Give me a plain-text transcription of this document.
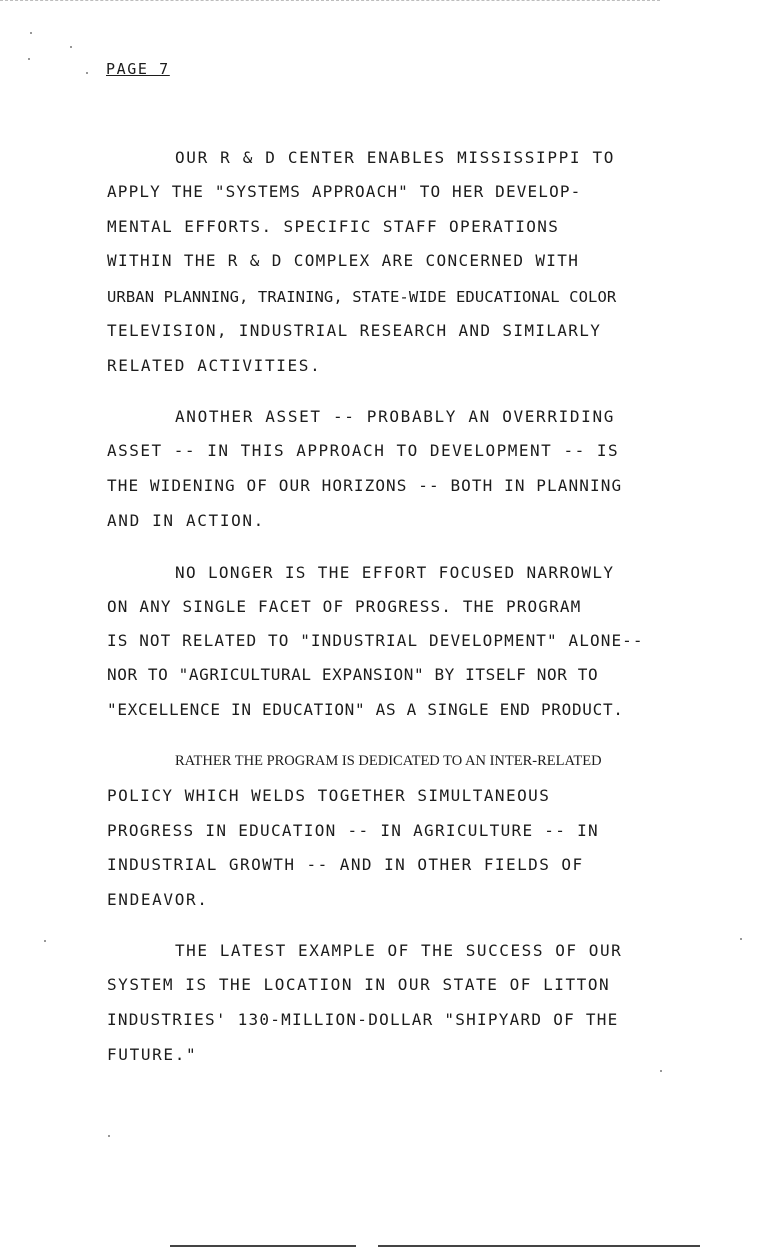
PAGE 7
OUR R & D CENTER ENABLES MISSISSIPPI TO
APPLY THE "SYSTEMS APPROACH" TO HER DEVELOP-
MENTAL EFFORTS. SPECIFIC STAFF OPERATIONS
WITHIN THE R & D COMPLEX ARE CONCERNED WITH
URBAN PLANNING, TRAINING, STATE-WIDE EDUCATIONAL COLOR
TELEVISION, INDUSTRIAL RESEARCH AND SIMILARLY
RELATED ACTIVITIES.
ANOTHER ASSET -- PROBABLY AN OVERRIDING
ASSET -- IN THIS APPROACH TO DEVELOPMENT -- IS
THE WIDENING OF OUR HORIZONS -- BOTH IN PLANNING
AND IN ACTION.
NO LONGER IS THE EFFORT FOCUSED NARROWLY
ON ANY SINGLE FACET OF PROGRESS. THE PROGRAM
IS NOT RELATED TO "INDUSTRIAL DEVELOPMENT" ALONE--
NOR TO "AGRICULTURAL EXPANSION" BY ITSELF NOR TO
"EXCELLENCE IN EDUCATION" AS A SINGLE END PRODUCT.
RATHER THE PROGRAM IS DEDICATED TO AN INTER-RELATED
POLICY WHICH WELDS TOGETHER SIMULTANEOUS
PROGRESS IN EDUCATION -- IN AGRICULTURE -- IN
INDUSTRIAL GROWTH -- AND IN OTHER FIELDS OF
ENDEAVOR.
THE LATEST EXAMPLE OF THE SUCCESS OF OUR
SYSTEM IS THE LOCATION IN OUR STATE OF LITTON
INDUSTRIES' 130-MILLION-DOLLAR "SHIPYARD OF THE
FUTURE."
